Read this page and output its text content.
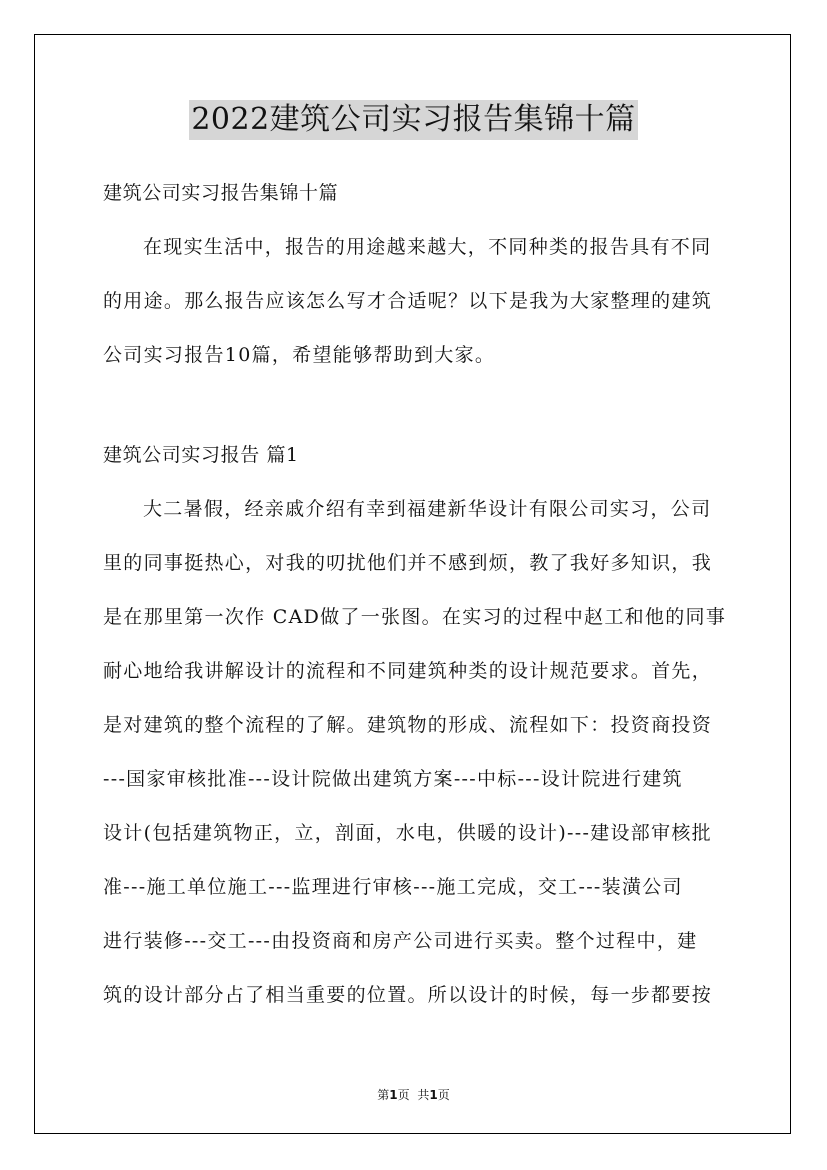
2022建筑公司实习报告集锦十篇
建筑公司实习报告集锦十篇
在现实生活中，报告的用途越来越大，不同种类的报告具有不同
的用途。那么报告应该怎么写才合适呢？以下是我为大家整理的建筑
公司实习报告10篇，希望能够帮助到大家。
建筑公司实习报告 篇1
大二暑假，经亲戚介绍有幸到福建新华设计有限公司实习，公司
里的同事挺热心，对我的叨扰他们并不感到烦，教了我好多知识，我
是在那里第一次作 CAD做了一张图。在实习的过程中赵工和他的同事
耐心地给我讲解设计的流程和不同建筑种类的设计规范要求。首先，
是对建筑的整个流程的了解。建筑物的形成、流程如下：投资商投资
---国家审核批准---设计院做出建筑方案---中标---设计院进行建筑
设计(包括建筑物正，立，剖面，水电，供暖的设计)---建设部审核批
准---施工单位施工---监理进行审核---施工完成，交工---装潢公司
进行装修---交工---由投资商和房产公司进行买卖。整个过程中，建
筑的设计部分占了相当重要的位置。所以设计的时候，每一步都要按
第1页 共1页
